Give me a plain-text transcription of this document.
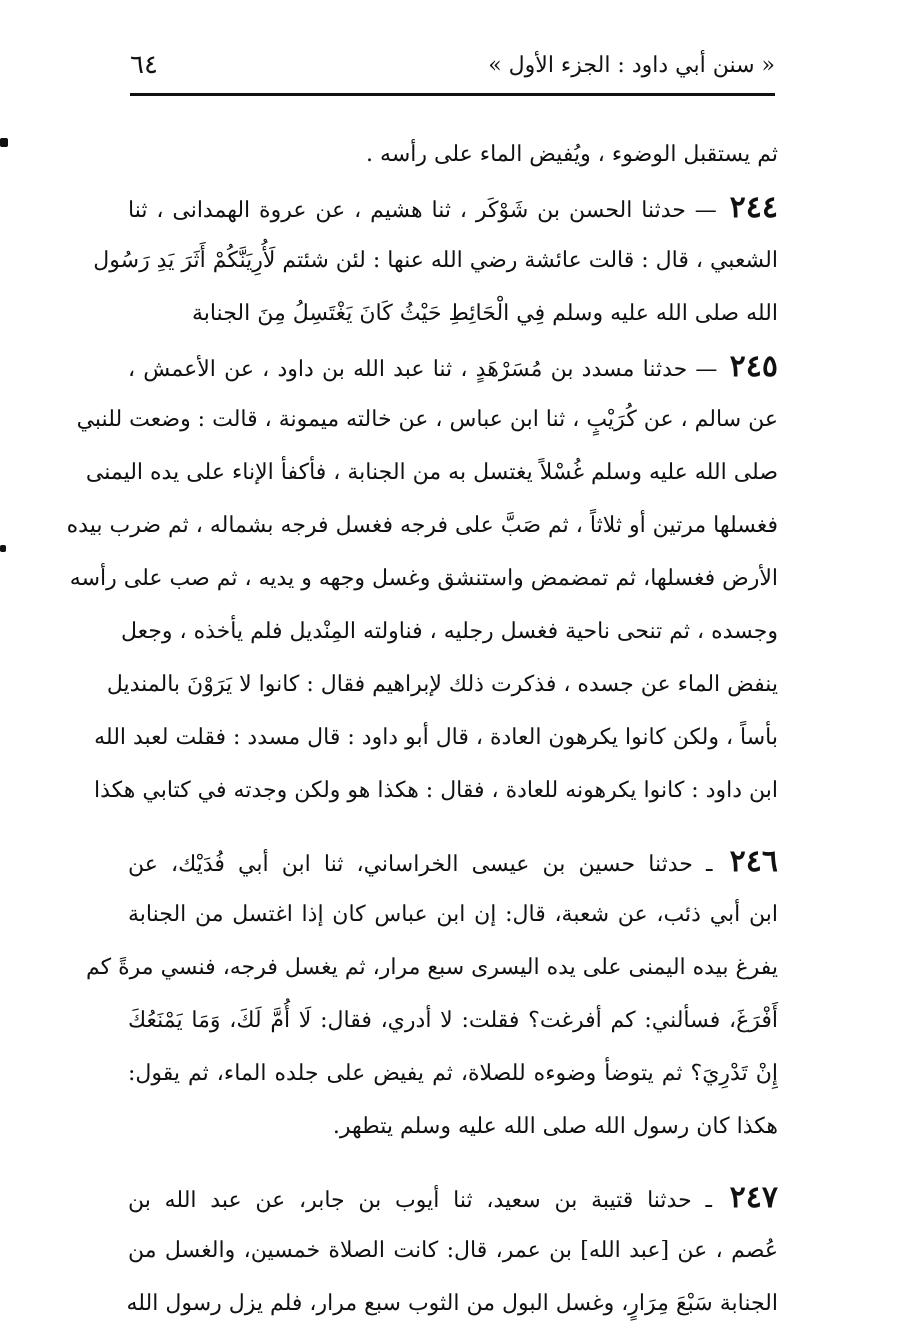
« سنن أبي داود : الجزء الأول »
٦٤
ثم يستقبل الوضوء ، ويُفيض الماء على رأسه .
٢٤٤ — حدثنا الحسن بن شَوْكَر ، ثنا هشيم ، عن عروة الهمدانى ، ثنا
الشعبي ، قال : قالت عائشة رضي الله عنها : لئن شئتم لَأُرِيَنَّكُمْ أَثَرَ يَدِ رَسُول
الله صلى الله عليه وسلم فِي الْحَائِطِ حَيْثُ كَانَ يَغْتَسِلُ مِنَ الجنابة
٢٤٥ — حدثنا مسدد بن مُسَرْهَدٍ ، ثنا عبد الله بن داود ، عن الأعمش ،
عن سالم ، عن كُرَيْبٍ ، ثنا ابن عباس ، عن خالته ميمونة ، قالت : وضعت للنبي
صلى الله عليه وسلم غُسْلاً يغتسل به من الجنابة ، فأكفأ الإناء على يده اليمنى
فغسلها مرتين أو ثلاثاً ، ثم صَبَّ على فرجه فغسل فرجه بشماله ، ثم ضرب بيده
الأرض فغسلها، ثم تمضمض واستنشق وغسل وجهه و يديه ، ثم صب على رأسه
وجسده ، ثم تنحى ناحية فغسل رجليه ، فناولته المِنْديل فلم يأخذه ، وجعل
ينفض الماء عن جسده ، فذكرت ذلك لإبراهيم فقال : كانوا لا يَرَوْنَ بالمنديل
بأساً ، ولكن كانوا يكرهون العادة ، قال أبو داود : قال مسدد : فقلت لعبد الله
ابن داود : كانوا يكرهونه للعادة ، فقال : هكذا هو ولكن وجدته في كتابي هكذا
٢٤٦ ـ حدثنا حسين بن عيسى الخراساني، ثنا ابن أبي فُدَيْك، عن
ابن أبي ذئب، عن شعبة، قال: إن ابن عباس كان إذا اغتسل من الجنابة
يفرغ بيده اليمنى على يده اليسرى سبع مرار، ثم يغسل فرجه، فنسي مرةً كم
أَفْرَغَ، فسألني: كم أفرغت؟ فقلت: لا أدري، فقال: لَا أُمَّ لَكَ، وَمَا يَمْنَعُكَ
إِنْ تَدْرِيَ؟ ثم يتوضأ وضوءه للصلاة، ثم يفيض على جلده الماء، ثم يقول:
هكذا كان رسول الله صلى الله عليه وسلم يتطهر.
٢٤٧ ـ حدثنا قتيبة بن سعيد، ثنا أيوب بن جابر، عن عبد الله بن
عُصم ، عن [عبد الله] بن عمر، قال: كانت الصلاة خمسين، والغسل من
الجنابة سَبْعَ مِرَارٍ، وغسل البول من الثوب سبع مرار، فلم يزل رسول الله
